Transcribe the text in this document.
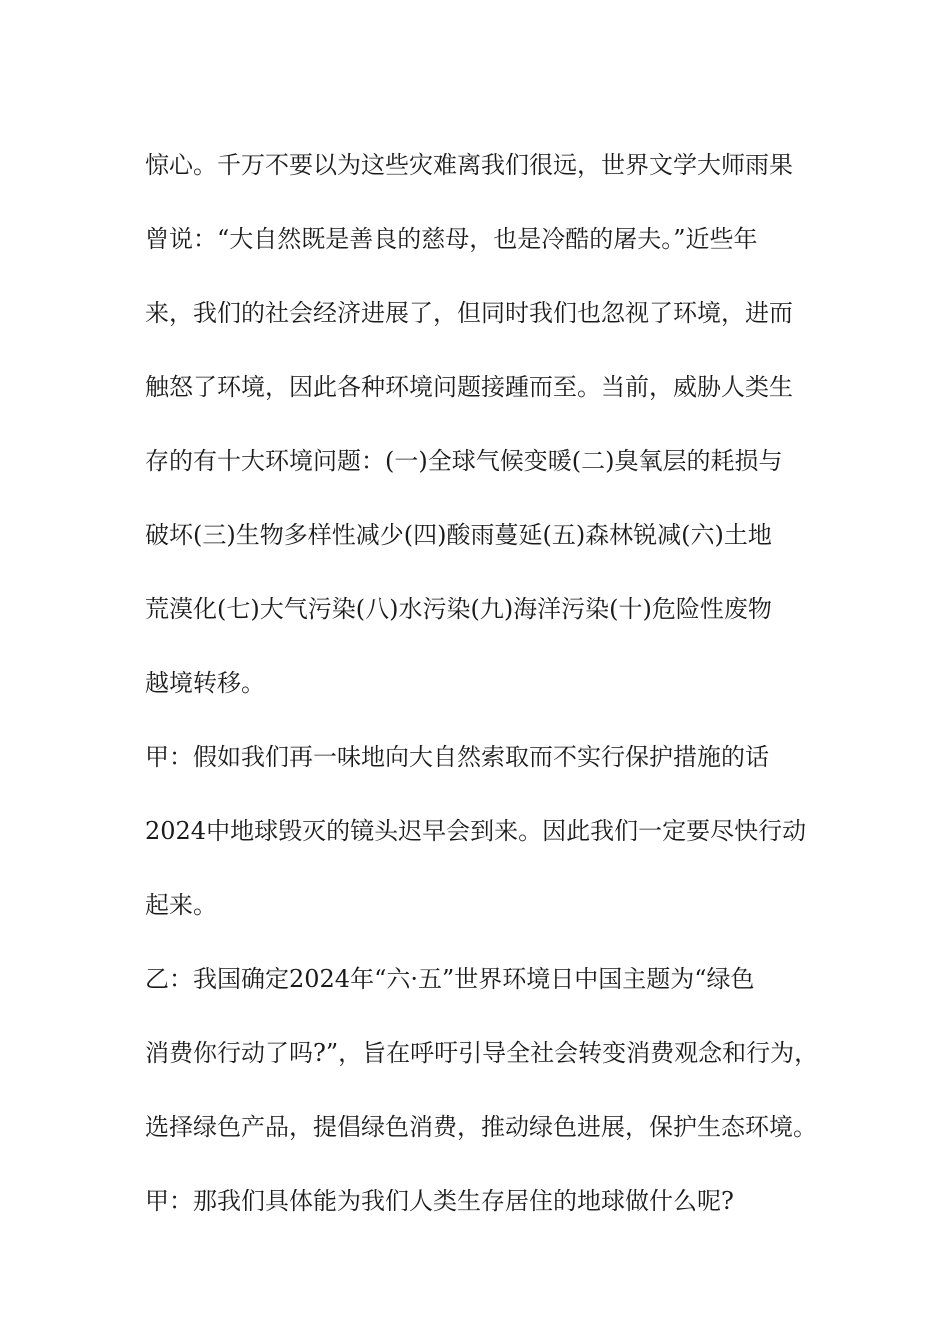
惊心。千万不要以为这些灾难离我们很远，世界文学大师雨果
曾说：“大自然既是善良的慈母，也是冷酷的屠夫。”近些年
来，我们的社会经济进展了，但同时我们也忽视了环境，进而
触怒了环境，因此各种环境问题接踵而至。当前，威胁人类生
存的有十大环境问题：(一)全球气候变暖(二)臭氧层的耗损与
破坏(三)生物多样性减少(四)酸雨蔓延(五)森林锐减(六)土地
荒漠化(七)大气污染(八)水污染(九)海洋污染(十)危险性废物
越境转移。
甲：假如我们再一味地向大自然索取而不实行保护措施的话
2024中地球毁灭的镜头迟早会到来。因此我们一定要尽快行动
起来。
乙：我国确定2024年“六·五”世界环境日中国主题为“绿色
消费你行动了吗?”，旨在呼吁引导全社会转变消费观念和行为，
选择绿色产品，提倡绿色消费，推动绿色进展，保护生态环境。
甲：那我们具体能为我们人类生存居住的地球做什么呢?
